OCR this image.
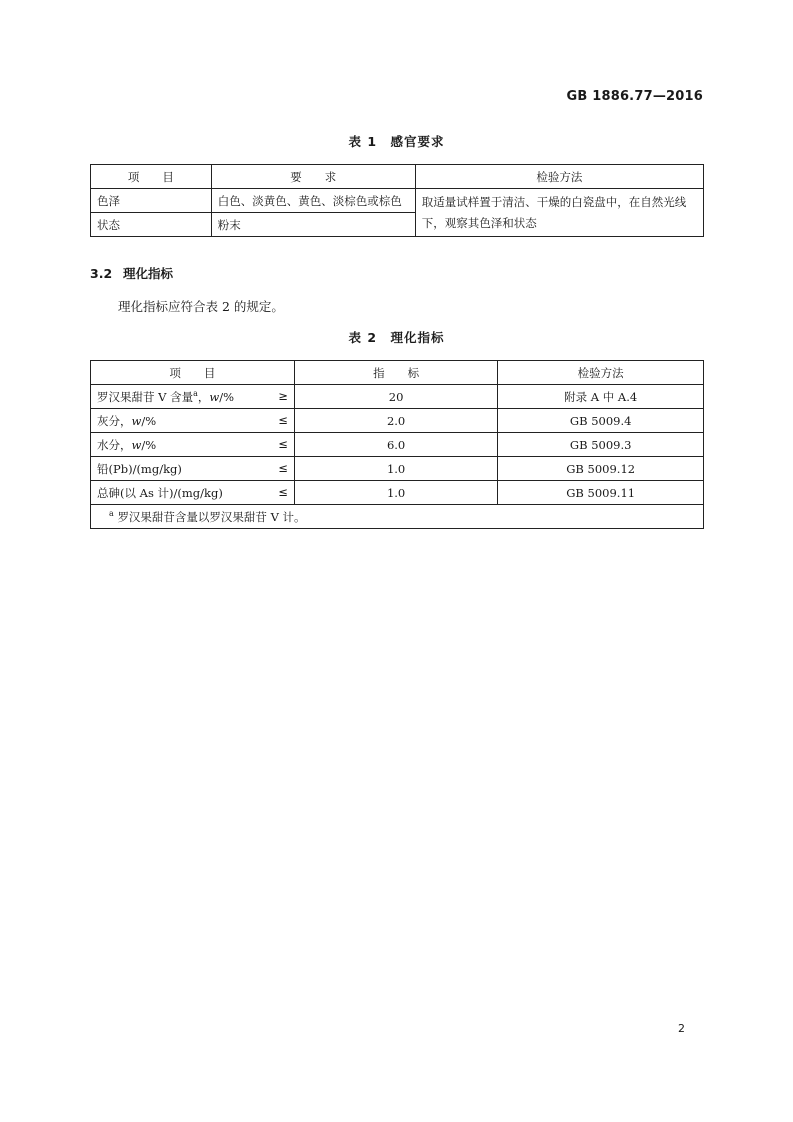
GB 1886.77—2016
表 1　感官要求
项　　目	要　　求	检验方法
色泽	白色、淡黄色、黄色、淡棕色或棕色	取适量试样置于清洁、干燥的白瓷盘中，在自然光线下，观察其色泽和状态
状态	粉末	
3.2 理化指标
理化指标应符合表 2 的规定。
表 2　理化指标
项　　目	指　　标	检验方法
罗汉果甜苷 V 含量$^a$，w/% ≥	20	附录 A 中 A.4
灰分，w/% ≤	2.0	GB 5009.4
水分，w/% ≤	6.0	GB 5009.3
铅(Pb)/(mg/kg) ≤	1.0	GB 5009.12
总砷(以 As 计)/(mg/kg) ≤	1.0	GB 5009.11
$^a$ 罗汉果甜苷含量以罗汉果甜苷 V 计。		
2
